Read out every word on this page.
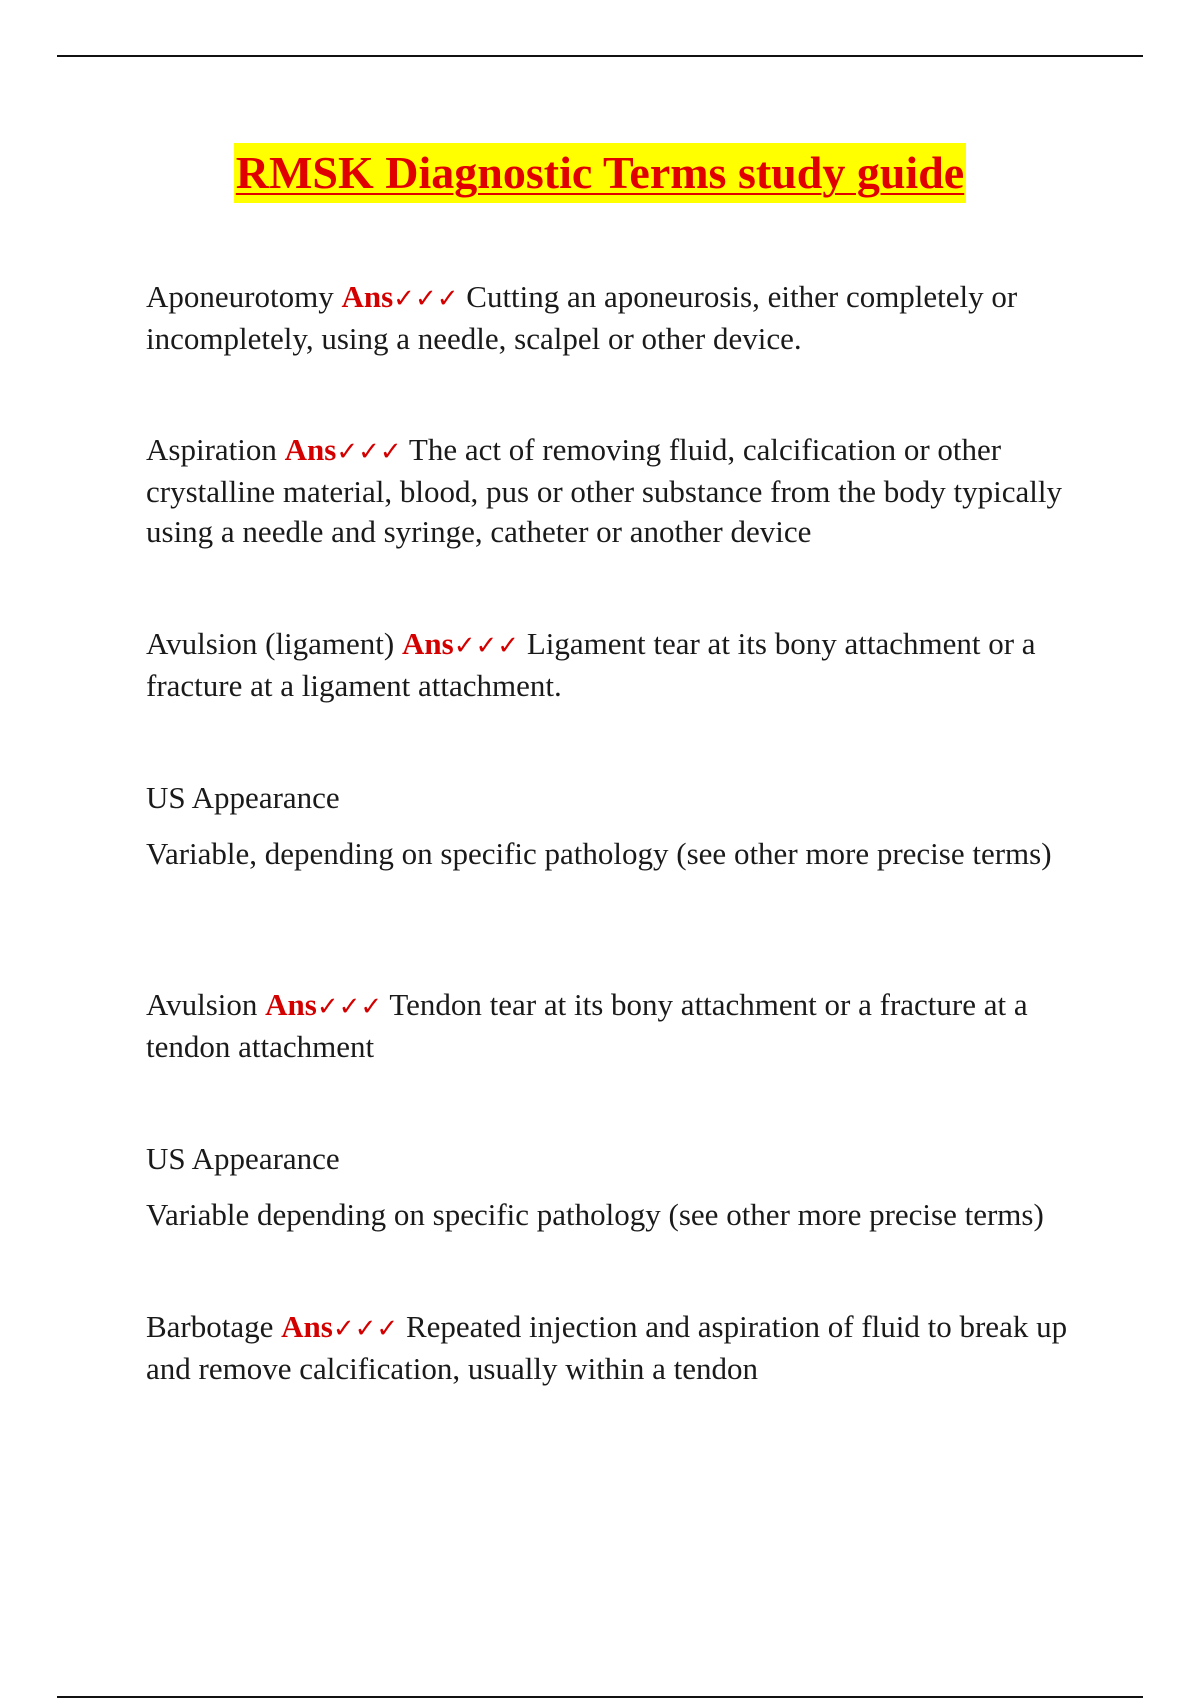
RMSK Diagnostic Terms study guide
Aponeurotomy Ans✓✓✓ Cutting an aponeurosis, either completely or incompletely, using a needle, scalpel or other device.
Aspiration Ans✓✓✓ The act of removing fluid, calcification or other crystalline material, blood, pus or other substance from the body typically using a needle and syringe, catheter or another device
Avulsion (ligament) Ans✓✓✓ Ligament tear at its bony attachment or a fracture at a ligament attachment.
US Appearance
Variable, depending on specific pathology (see other more precise terms)
Avulsion Ans✓✓✓ Tendon tear at its bony attachment or a fracture at a tendon attachment
US Appearance
Variable depending on specific pathology (see other more precise terms)
Barbotage Ans✓✓✓ Repeated injection and aspiration of fluid to break up and remove calcification, usually within a tendon
